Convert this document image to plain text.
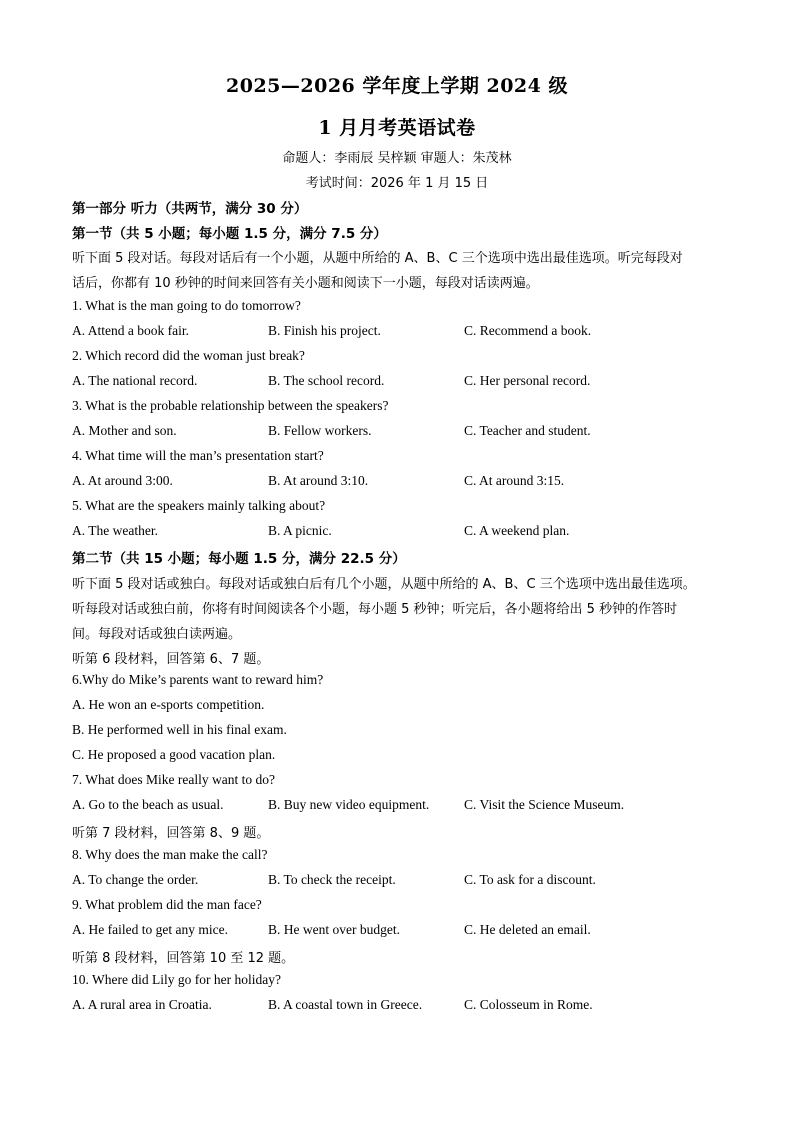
2025—2026 学年度上学期 2024 级
1 月月考英语试卷
命题人：李雨辰 吴梓颖 审题人：朱茂林
考试时间：2026 年 1 月 15 日
第一部分 听力（共两节，满分 30 分）
第一节（共 5 小题；每小题 1.5 分，满分 7.5 分）
听下面 5 段对话。每段对话后有一个小题，从题中所给的 A、B、C 三个选项中选出最佳选项。听完每段对
话后，你都有 10 秒钟的时间来回答有关小题和阅读下一小题，每段对话读两遍。
1. What is the man going to do tomorrow?
A. Attend a book fair.	B. Finish his project.	C. Recommend a book.
2. Which record did the woman just break?
A. The national record.	B. The school record.	C. Her personal record.
3. What is the probable relationship between the speakers?
A. Mother and son.	B. Fellow workers.	C. Teacher and student.
4. What time will the man’s presentation start?
A. At around 3:00.	B. At around 3:10.	C. At around 3:15.
5. What are the speakers mainly talking about?
A. The weather.	B. A picnic.	C. A weekend plan.
第二节（共 15 小题；每小题 1.5 分，满分 22.5 分）
听下面 5 段对话或独白。每段对话或独白后有几个小题，从题中所给的 A、B、C 三个选项中选出最佳选项。
听每段对话或独白前，你将有时间阅读各个小题，每小题 5 秒钟；听完后，各小题将给出 5 秒钟的作答时
间。每段对话或独白读两遍。
听第 6 段材料，回答第 6、7 题。
6.Why do Mike’s parents want to reward him?
A. He won an e-sports competition.
B. He performed well in his final exam.
C. He proposed a good vacation plan.
7. What does Mike really want to do?
A. Go to the beach as usual.	B. Buy new video equipment.	C. Visit the Science Museum.
听第 7 段材料，回答第 8、9 题。
8. Why does the man make the call?
A. To change the order.	B. To check the receipt.	C. To ask for a discount.
9. What problem did the man face?
A. He failed to get any mice.	B. He went over budget.	C. He deleted an email.
听第 8 段材料，回答第 10 至 12 题。
10. Where did Lily go for her holiday?
A. A rural area in Croatia.	B. A coastal town in Greece.	C. Colosseum in Rome.
